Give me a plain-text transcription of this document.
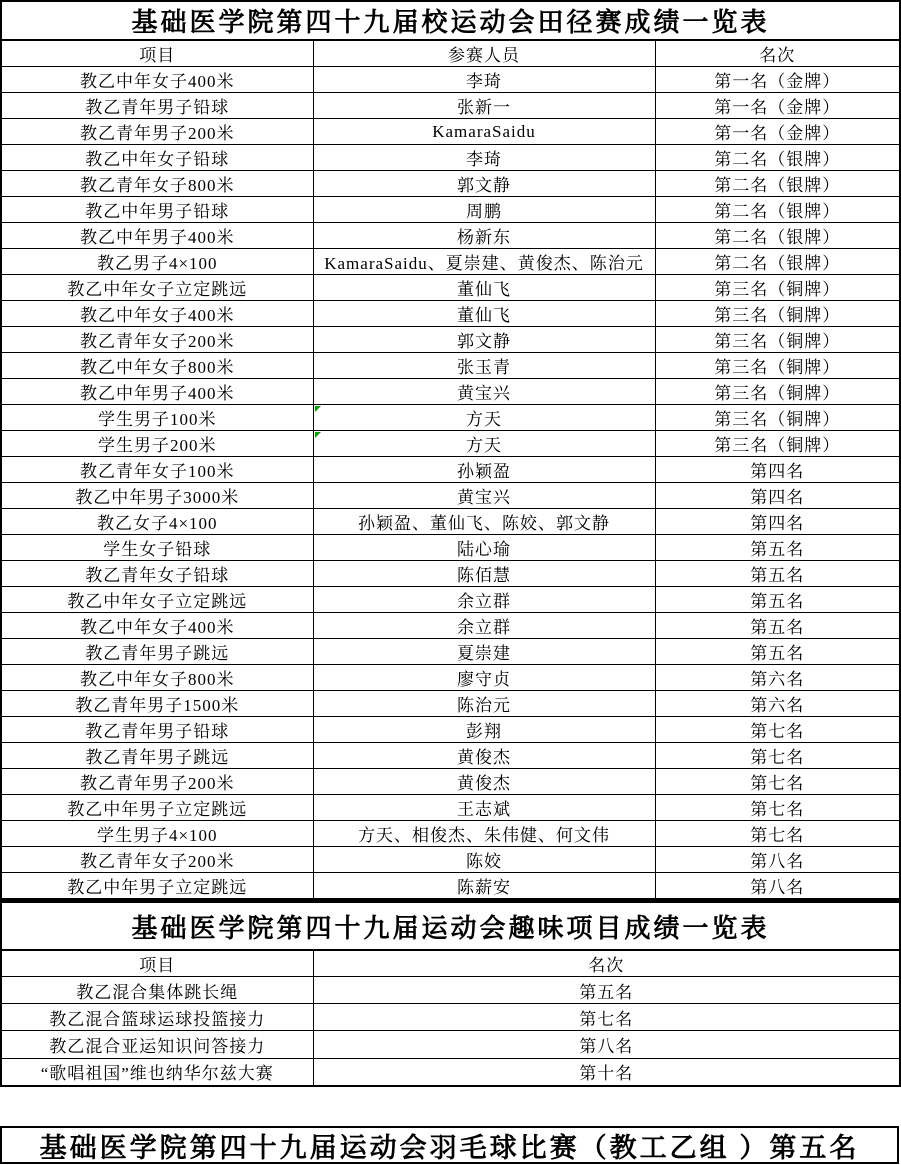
基础医学院第四十九届校运动会田径赛成绩一览表		
项目	参赛人员	名次
教乙中年女子400米	李琦	第一名（金牌）
教乙青年男子铅球	张新一	第一名（金牌）
教乙青年男子200米	KamaraSaidu	第一名（金牌）
教乙中年女子铅球	李琦	第二名（银牌）
教乙青年女子800米	郭文静	第二名（银牌）
教乙中年男子铅球	周鹏	第二名（银牌）
教乙中年男子400米	杨新东	第二名（银牌）
教乙男子4×100	KamaraSaidu、夏崇建、黄俊杰、陈治元	第二名（银牌）
教乙中年女子立定跳远	董仙飞	第三名（铜牌）
教乙中年女子400米	董仙飞	第三名（铜牌）
教乙青年女子200米	郭文静	第三名（铜牌）
教乙中年女子800米	张玉青	第三名（铜牌）
教乙中年男子400米	黄宝兴	第三名（铜牌）
学生男子100米	方天	第三名（铜牌）
学生男子200米	方天	第三名（铜牌）
教乙青年女子100米	孙颖盈	第四名
教乙中年男子3000米	黄宝兴	第四名
教乙女子4×100	孙颖盈、董仙飞、陈姣、郭文静	第四名
学生女子铅球	陆心瑜	第五名
教乙青年女子铅球	陈佰慧	第五名
教乙中年女子立定跳远	余立群	第五名
教乙中年女子400米	余立群	第五名
教乙青年男子跳远	夏崇建	第五名
教乙中年女子800米	廖守贞	第六名
教乙青年男子1500米	陈治元	第六名
教乙青年男子铅球	彭翔	第七名
教乙青年男子跳远	黄俊杰	第七名
教乙青年男子200米	黄俊杰	第七名
教乙中年男子立定跳远	王志斌	第七名
学生男子4×100	方天、相俊杰、朱伟健、何文伟	第七名
教乙青年女子200米	陈姣	第八名
教乙中年男子立定跳远	陈薪安	第八名

基础医学院第四十九届运动会趣味项目成绩一览表	
项目	名次
教乙混合集体跳长绳	第五名
教乙混合篮球运球投篮接力	第七名
教乙混合亚运知识问答接力	第八名
“歌唱祖国”维也纳华尔兹大赛	第十名
基础医学院第四十九届运动会羽毛球比赛（教工乙组 ）第五名
